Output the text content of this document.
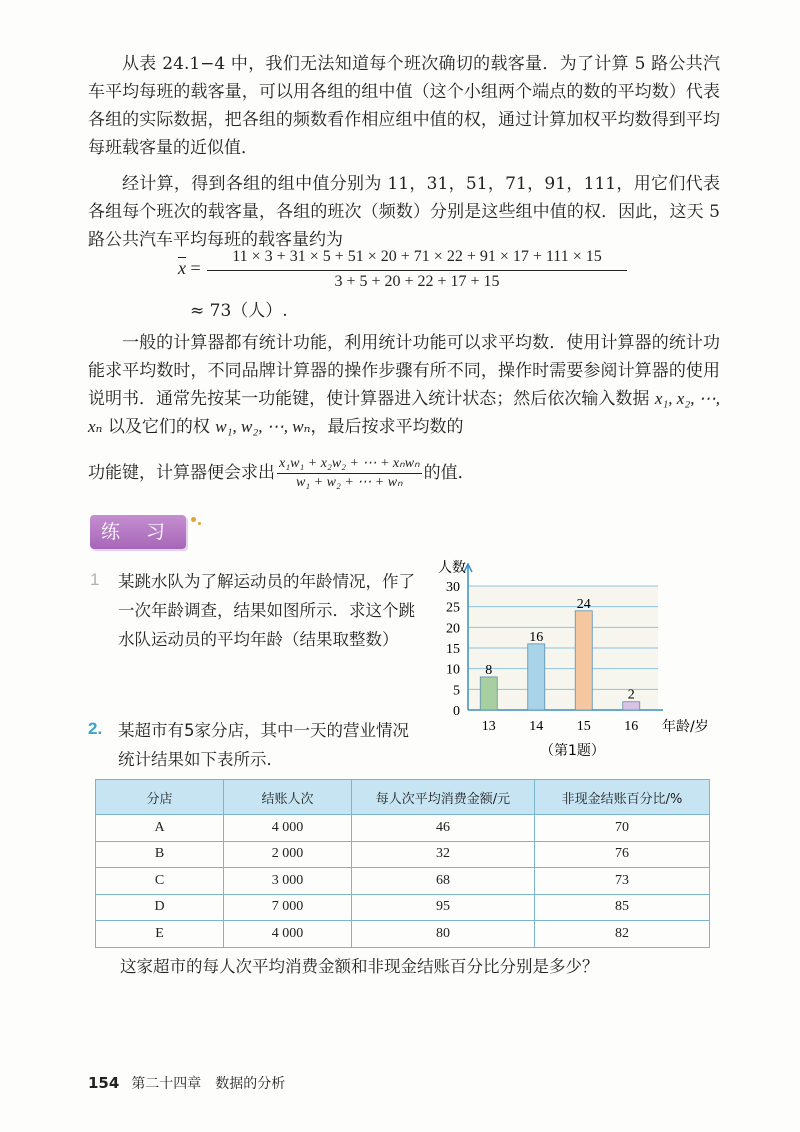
从表 24.1−4 中，我们无法知道每个班次确切的载客量．为了计算 5 路公共汽车平均每班的载客量，可以用各组的组中值（这个小组两个端点的数的平均数）代表各组的实际数据，把各组的频数看作相应组中值的权，通过计算加权平均数得到平均每班载客量的近似值．

经计算，得到各组的组中值分别为 11，31，51，71，91，111，用它们代表各组每个班次的载客量，各组的班次（频数）分别是这些组中值的权．因此，这天 5 路公共汽车平均每班的载客量约为

$\overline{x}$ =
11 × 3 + 31 × 5 + 51 × 20 + 71 × 22 + 91 × 17 + 111 × 15
3 + 5 + 20 + 22 + 17 + 15
≈ 73（人）.

一般的计算器都有统计功能，利用统计功能可以求平均数．使用计算器的统计功能求平均数时，不同品牌计算器的操作步骤有所不同，操作时需要参阅计算器的使用说明书．通常先按某一功能键，使计算器进入统计状态；然后依次输入数据 x₁, x₂, ⋯, xₙ 以及它们的权 w₁, w₂, ⋯, wₙ，最后按求平均数的

功能键，计算器便会求出 $\frac{\text{x₁w₁ + x₂w₂ + ⋯ + xₙwₙ}}{\text{w₁ + w₂ + ⋯ + wₙ}}$ 的值．

练 习
1 某跳水队为了解运动员的年龄情况，作了一次年龄调查，结果如图所示．求这个跳水队运动员的平均年龄（结果取整数）
0
5
10
15
20
25
30
8
13
16
14
24
15
2
16
人数
年龄/岁
（第1题）
2. 某超市有5家分店，其中一天的营业情况统计结果如下表所示．
分店	结账人次	每人次平均消费金额/元	非现金结账百分比/%
A	4 000	46	70
B	2 000	32	76
C	3 000	68	73
D	7 000	95	85
E	4 000	80	82
这家超市的每人次平均消费金额和非现金结账百分比分别是多少？
154 第二十四章　数据的分析
